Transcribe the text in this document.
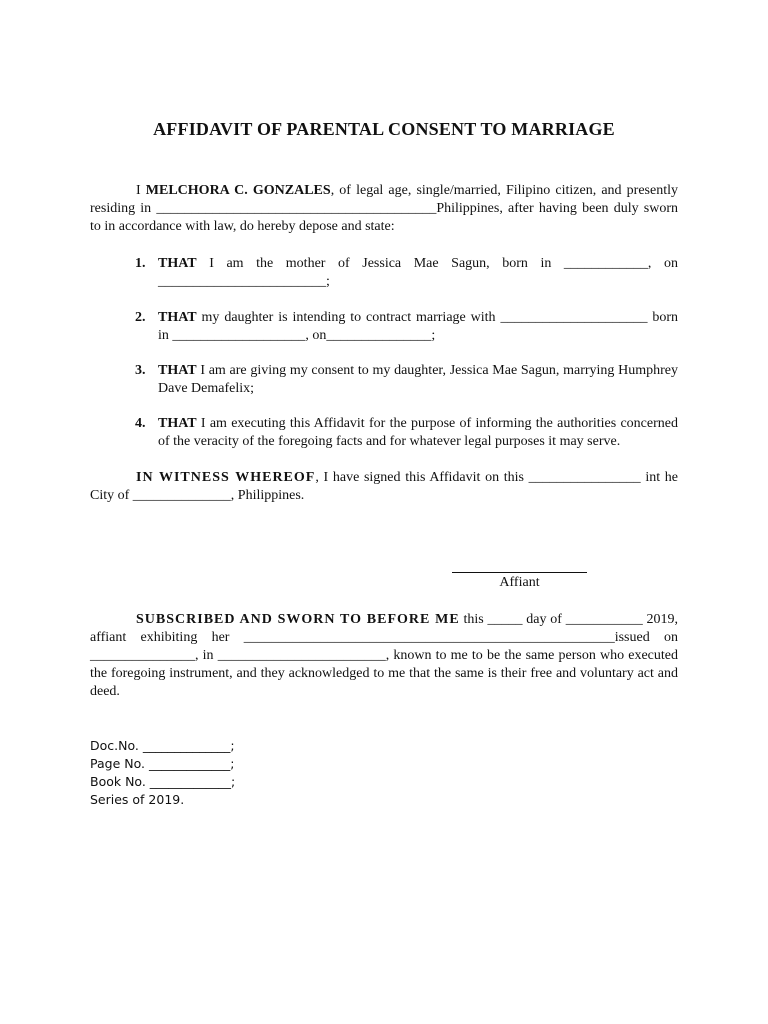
AFFIDAVIT OF PARENTAL CONSENT TO MARRIAGE
I MELCHORA C. GONZALES, of legal age, single/married, Filipino citizen, and presently residing in ________________________________________Philippines, after having been duly sworn to in accordance with law, do hereby depose and state:
1. THAT I am the mother of Jessica Mae Sagun, born in ____________, on ________________________;
2. THAT my daughter is intending to contract marriage with _____________________ born in ___________________, on_______________;
3. THAT I am are giving my consent to my daughter, Jessica Mae Sagun, marrying Humphrey Dave Demafelix;
4. THAT I am executing this Affidavit for the purpose of informing the authorities concerned of the veracity of the foregoing facts and for whatever legal purposes it may serve.
IN WITNESS WHEREOF, I have signed this Affidavit on this ________________ int he City of ______________, Philippines.
Affiant
SUBSCRIBED AND SWORN TO BEFORE ME this _____ day of ___________ 2019, affiant exhibiting her _____________________________________________________issued on _______________, in ________________________, known to me to be the same person who executed the foregoing instrument, and they acknowledged to me that the same is their free and voluntary act and deed.
Doc.No. ______________;
Page No. _____________;
Book No. _____________;
Series of 2019.
